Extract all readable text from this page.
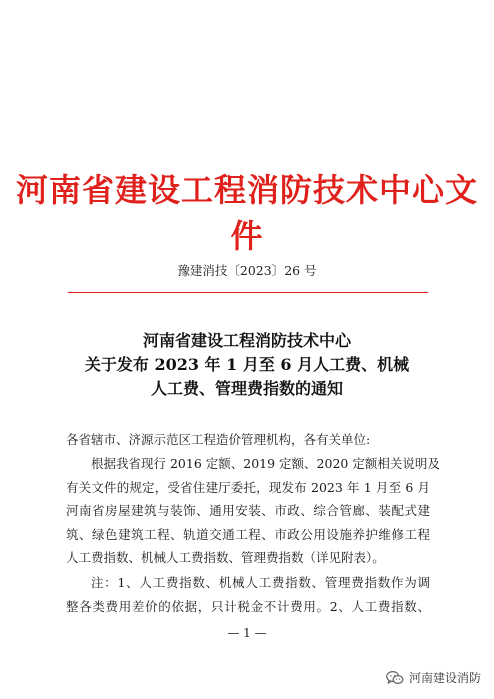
河南省建设工程消防技术中心文件
豫建消技〔2023〕26 号
河南省建设工程消防技术中心
关于发布 2023 年 1 月至 6 月人工费、机械
人工费、管理费指数的通知
各省辖市、济源示范区工程造价管理机构，各有关单位:
根据我省现行 2016 定额、2019 定额、2020 定额相关说明及
有关文件的规定，受省住建厅委托，现发布 2023 年 1 月至 6 月
河南省房屋建筑与装饰、通用安装、市政、综合管廊、装配式建
筑、绿色建筑工程、轨道交通工程、市政公用设施养护维修工程
人工费指数、机械人工费指数、管理费指数（详见附表）。
注：1、人工费指数、机械人工费指数、管理费指数作为调
整各类费用差价的依据，只计税金不计费用。2、人工费指数、
— 1 —
河南建设消防
